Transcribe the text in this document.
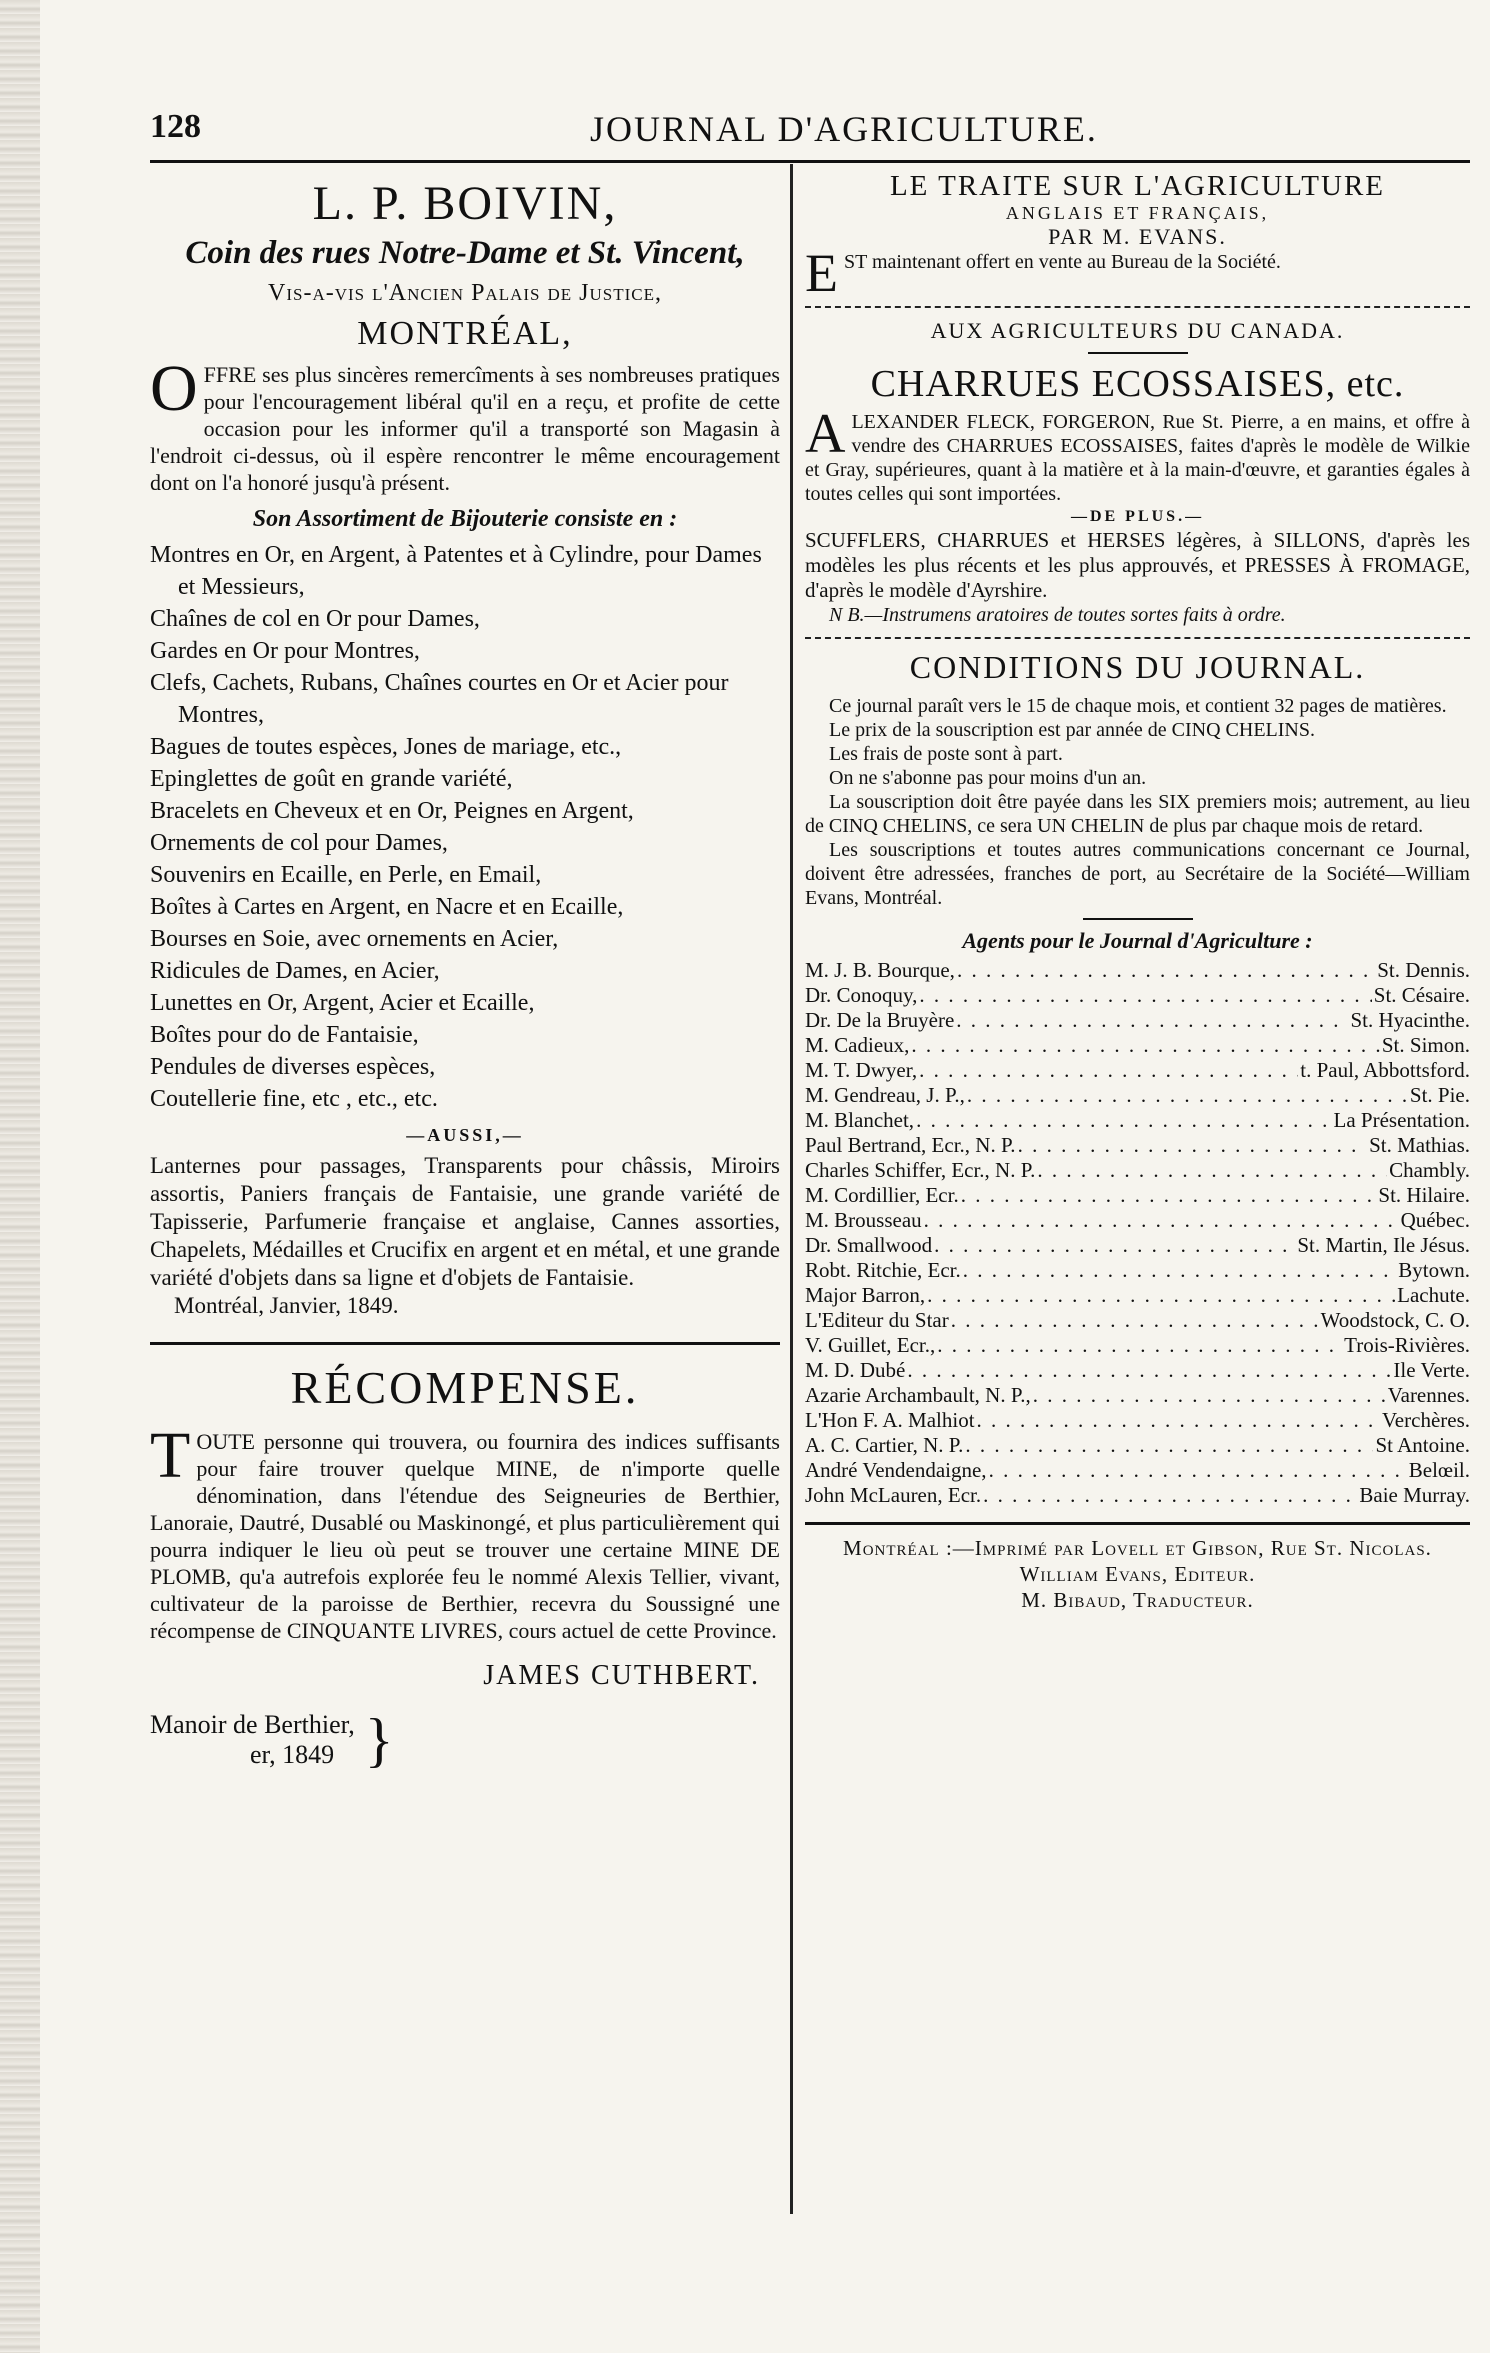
128	JOURNAL D'AGRICULTURE.
L. P. BOIVIN,
Coin des rues Notre-Dame et St. Vincent,
Vis-a-vis l'Ancien Palais de Justice,
MONTRÉAL,

OFFRE ses plus sincères remercîments à ses nombreuses pratiques pour l'encouragement libéral qu'il en a reçu, et profite de cette occasion pour les informer qu'il a transporté son Magasin à l'endroit ci-dessus, où il espère rencontrer le même encouragement dont on l'a honoré jusqu'à présent.

Son Assortiment de Bijouterie consiste en :
Montres en Or, en Argent, à Patentes et à Cylindre, pour Dames et Messieurs,
Chaînes de col en Or pour Dames,
Gardes en Or pour Montres,
Clefs, Cachets, Rubans, Chaînes courtes en Or et Acier pour Montres,
Bagues de toutes espèces, Jones de mariage, etc.,
Epinglettes de goût en grande variété,
Bracelets en Cheveux et en Or, Peignes en Argent,
Ornements de col pour Dames,
Souvenirs en Ecaille, en Perle, en Email,
Boîtes à Cartes en Argent, en Nacre et en Ecaille,
Bourses en Soie, avec ornements en Acier,
Ridicules de Dames, en Acier,
Lunettes en Or, Argent, Acier et Ecaille,
Boîtes pour do de Fantaisie,
Pendules de diverses espèces,
Coutellerie fine, etc , etc., etc.
—AUSSI,—

Lanternes pour passages, Transparents pour châssis, Miroirs assortis, Paniers français de Fantaisie, une grande variété de Tapisserie, Parfumerie française et anglaise, Cannes assorties, Chapelets, Médailles et Crucifix en argent et en métal, et une grande variété d'objets dans sa ligne et d'objets de Fantaisie.

Montréal, Janvier, 1849.

RÉCOMPENSE.

TOUTE personne qui trouvera, ou fournira des indices suffisants pour faire trouver quelque MINE, de n'importe quelle dénomination, dans l'étendue des Seigneuries de Berthier, Lanoraie, Dautré, Dusablé ou Maskinongé, et plus particulièrement qui pourra indiquer le lieu où peut se trouver une certaine MINE DE PLOMB, qu'a autrefois explorée feu le nommé Alexis Tellier, vivant, cultivateur de la paroisse de Berthier, recevra du Soussigné une récompense de CINQUANTE LIVRES, cours actuel de cette Province.

JAMES CUTHBERT.
Manoir de Berthier,
er, 1849 }
LE TRAITE SUR L'AGRICULTURE
ANGLAIS ET FRANÇAIS,
PAR M. EVANS.

EST maintenant offert en vente au Bureau de la Société.

AUX AGRICULTEURS DU CANADA.
CHARRUES ECOSSAISES, etc.

ALEXANDER FLECK, FORGERON, Rue St. Pierre, a en mains, et offre à vendre des CHARRUES ECOSSAISES, faites d'après le modèle de Wilkie et Gray, supérieures, quant à la matière et à la main-d'œuvre, et garanties égales à toutes celles qui sont importées.

—DE PLUS.—

SCUFFLERS, CHARRUES et HERSES légères, à SILLONS, d'après les modèles les plus récents et les plus approuvés, et PRESSES À FROMAGE, d'après le modèle d'Ayrshire.

N B.—Instrumens aratoires de toutes sortes faits à ordre.

CONDITIONS DU JOURNAL.

Ce journal paraît vers le 15 de chaque mois, et contient 32 pages de matières.

Le prix de la souscription est par année de CINQ CHELINS.

Les frais de poste sont à part.

On ne s'abonne pas pour moins d'un an.

La souscription doit être payée dans les SIX premiers mois; autrement, au lieu de CINQ CHELINS, ce sera UN CHELIN de plus par chaque mois de retard.

Les souscriptions et toutes autres communications concernant ce Journal, doivent être adressées, franches de port, au Secrétaire de la Société—William Evans, Montréal.

Agents pour le Journal d'Agriculture :
M. J. B. Bourque, . . .	St. Dennis.
Dr. Conoquy, . . .	St. Césaire.
Dr. De la Bruyère . . .	St. Hyacinthe.
M. Cadieux, . . .	St. Simon.
M. T. Dwyer, . . .	t. Paul, Abbottsford.
M. Gendreau, J. P., . . .	St. Pie.
M. Blanchet, . . .	La Présentation.
Paul Bertrand, Ecr., N. P. . . .	St. Mathias.
Charles Schiffer, Ecr., N. P. . . .	Chambly.
M. Cordillier, Ecr. . . .	St. Hilaire.
M. Brousseau . . .	Québec.
Dr. Smallwood . . .	St. Martin, Ile Jésus.
Robt. Ritchie, Ecr. . . .	Bytown.
Major Barron, . . .	Lachute.
L'Editeur du Star . . .	Woodstock, C. O.
V. Guillet, Ecr., . . .	Trois-Rivières.
M. D. Dubé . . .	Ile Verte.
Azarie Archambault, N. P., . . .	Varennes.
L'Hon F. A. Malhiot . . .	Verchères.
A. C. Cartier, N. P. . . .	St Antoine.
André Vendendaigne, . . .	Belœil.
John McLauren, Ecr. . . .	Baie Murray.
Montréal :—Imprimé par Lovell et Gibson, Rue St. Nicolas.
William Evans, Editeur.
M. Bibaud, Traducteur.
